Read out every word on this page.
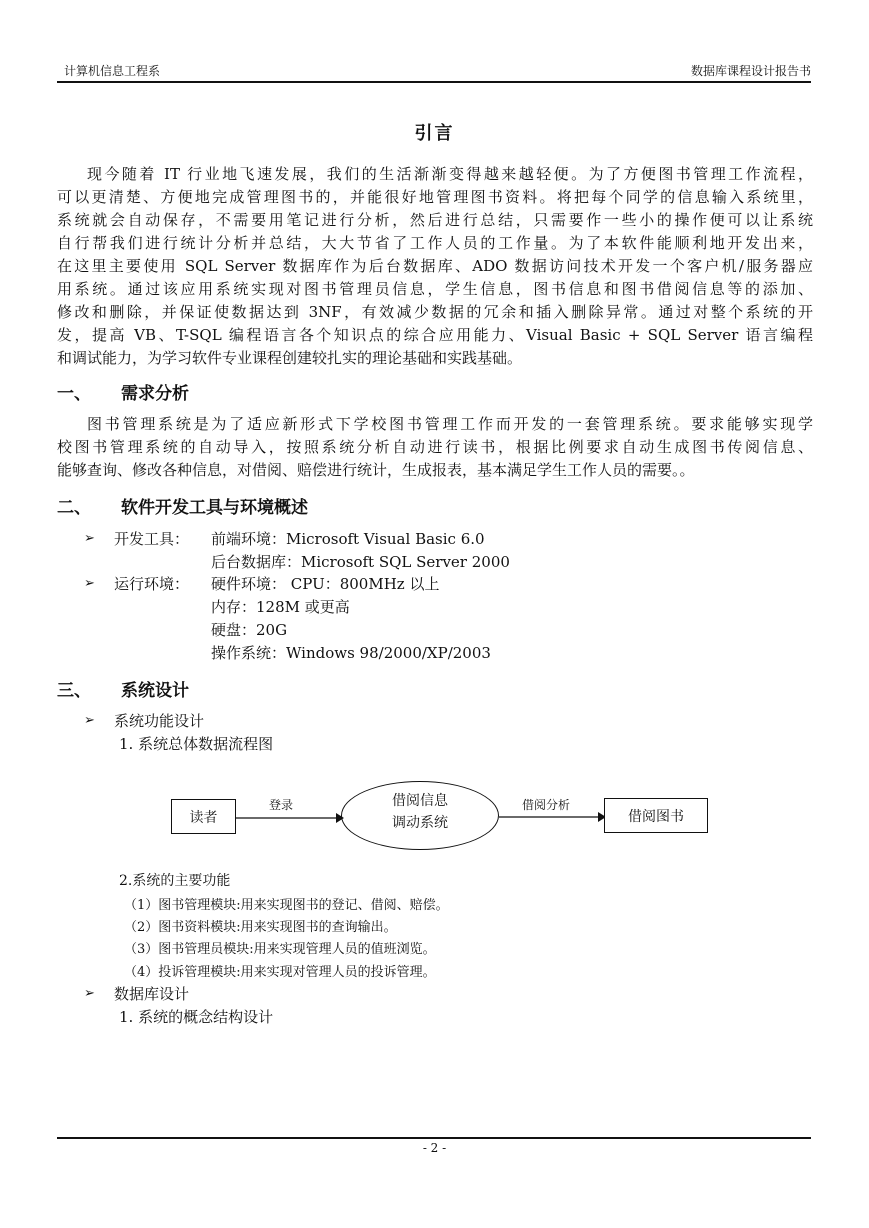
计算机信息工程系	数据库课程设计报告书
引言
现今随着 IT 行业地飞速发展，我们的生活渐渐变得越来越轻便。为了方便图书管理工作流程，
可以更清楚、方便地完成管理图书的，并能很好地管理图书资料。将把每个同学的信息输入系统里，
系统就会自动保存，不需要用笔记进行分析，然后进行总结，只需要作一些小的操作便可以让系统
自行帮我们进行统计分析并总结，大大节省了工作人员的工作量。为了本软件能顺利地开发出来，
在这里主要使用 SQL Server 数据库作为后台数据库、ADO 数据访问技术开发一个客户机/服务器应
用系统。通过该应用系统实现对图书管理员信息，学生信息，图书信息和图书借阅信息等的添加、
修改和删除，并保证使数据达到 3NF，有效减少数据的冗余和插入删除异常。通过对整个系统的开
发，提高 VB、T-SQL 编程语言各个知识点的综合应用能力、Visual Basic + SQL Server 语言编程
和调试能力，为学习软件专业课程创建较扎实的理论基础和实践基础。
一、 需求分析
图书管理系统是为了适应新形式下学校图书管理工作而开发的一套管理系统。要求能够实现学
校图书管理系统的自动导入，按照系统分析自动进行读书，根据比例要求自动生成图书传阅信息、
能够查询、修改各种信息，对借阅、赔偿进行统计，生成报表，基本满足学生工作人员的需要。。
二、 软件开发工具与环境概述
➢ 开发工具： 前端环境：Microsoft Visual Basic 6.0
后台数据库：Microsoft SQL Server 2000
➢ 运行环境： 硬件环境： CPU：800MHz 以上
内存：128M 或更高
硬盘：20G
操作系统：Windows 98/2000/XP/2003
三、 系统设计
➢ 系统功能设计
1. 系统总体数据流程图
读者
登录	借阅信息
调动系统
借阅分析
借阅图书
2.系统的主要功能
（1）图书管理模块:用来实现图书的登记、借阅、赔偿。
（2）图书资料模块:用来实现图书的查询输出。
（3）图书管理员模块:用来实现管理人员的值班浏览。
（4）投诉管理模块:用来实现对管理人员的投诉管理。
➢ 数据库设计
1. 系统的概念结构设计
- 2 -
